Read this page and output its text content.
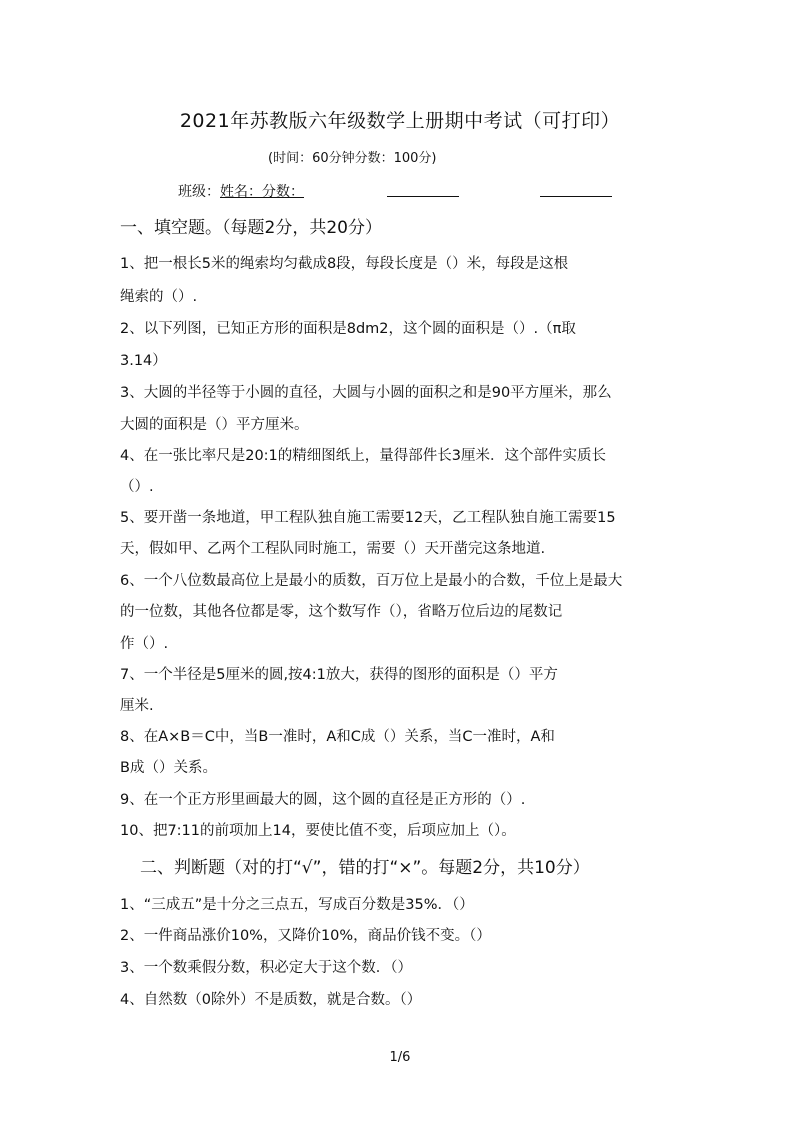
2021年苏教版六年级数学上册期中考试（可打印）
(时间：60分钟分数：100分)
班级：姓名：分数：
一、填空题。（每题2分，共20分）
1、把一根长5米的绳索均匀截成8段，每段长度是（）米，每段是这根
绳索的（）.
2、以下列图，已知正方形的面积是8dm2，这个圆的面积是（）.（π取
3.14）
3、大圆的半径等于小圆的直径，大圆与小圆的面积之和是90平方厘米，那么
大圆的面积是（）平方厘米。
4、在一张比率尺是20:1的精细图纸上，量得部件长3厘米．这个部件实质长
（）.
5、要开凿一条地道，甲工程队独自施工需要12天，乙工程队独自施工需要15
天，假如甲、乙两个工程队同时施工，需要（）天开凿完这条地道.
6、一个八位数最高位上是最小的质数，百万位上是最小的合数，千位上是最大
的一位数，其他各位都是零，这个数写作（），省略万位后边的尾数记
作（）.
7、一个半径是5厘米的圆,按4:1放大，获得的图形的面积是（）平方
厘米.
8、在A×B＝C中，当B一准时，A和C成（）关系，当C一准时，A和
B成（）关系。
9、在一个正方形里画最大的圆，这个圆的直径是正方形的（）.
10、把7:11的前项加上14，要使比值不变，后项应加上（）。
二、判断题（对的打“√”，错的打“×”。每题2分，共10分）
1、“三成五”是十分之三点五，写成百分数是35%．（）
2、一件商品涨价10%，又降价10%，商品价钱不变。（）
3、一个数乘假分数，积必定大于这个数．（）
4、自然数（0除外）不是质数，就是合数。（）
1/6
